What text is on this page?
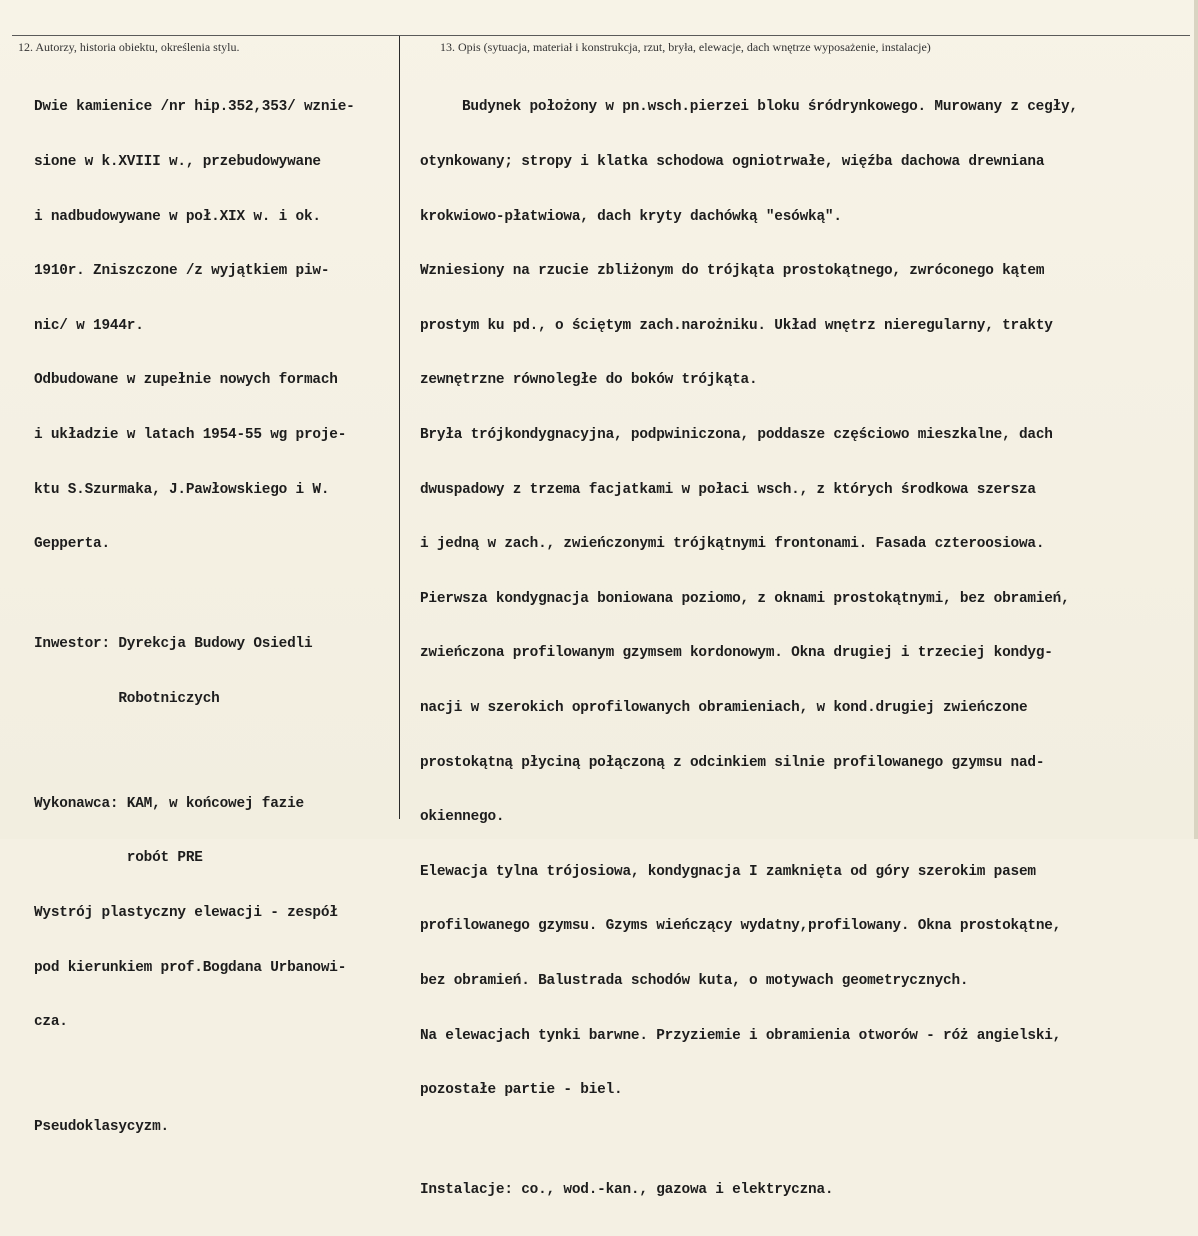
12. Autorzy, historia obiektu, określenia stylu.	13. Opis (sytuacja, materiał i konstrukcja, rzut, bryła, elewacje, dach wnętrze wyposażenie, instalacje)

Dwie kamienice /nr hip.352,353/ wznie-

sione w k.XVIII w., przebudowywane

i nadbudowywane w poł.XIX w. i ok.

1910r. Zniszczone /z wyjątkiem piw-

nic/ w 1944r.

Odbudowane w zupełnie nowych formach

i układzie w latach 1954-55 wg proje-

ktu S.Szurmaka, J.Pawłowskiego i W.

Gepperta.

Inwestor: Dyrekcja Budowy Osiedli

Robotniczych

Wykonawca: KAM, w końcowej fazie

robót PRE

Wystrój plastyczny elewacji - zespół

pod kierunkiem prof.Bogdana Urbanowi-

cza.

Pseudoklasycyzm.

Budynek położony w pn.wsch.pierzei bloku śródrynkowego. Murowany z cegły,

otynkowany; stropy i klatka schodowa ogniotrwałe, więźba dachowa drewniana

krokwiowo-płatwiowa, dach kryty dachówką "esówką".

Wzniesiony na rzucie zbliżonym do trójkąta prostokątnego, zwróconego kątem

prostym ku pd., o ściętym zach.narożniku. Układ wnętrz nieregularny, trakty

zewnętrzne równoległe do boków trójkąta.

Bryła trójkondygnacyjna, podpwiniczona, poddasze częściowo mieszkalne, dach

dwuspadowy z trzema facjatkami w połaci wsch., z których środkowa szersza

i jedną w zach., zwieńczonymi trójkątnymi frontonami. Fasada czteroosiowa.

Pierwsza kondygnacja boniowana poziomo, z oknami prostokątnymi, bez obramień,

zwieńczona profilowanym gzymsem kordonowym. Okna drugiej i trzeciej kondyg-

nacji w szerokich oprofilowanych obramieniach, w kond.drugiej zwieńczone

prostokątną płyciną połączoną z odcinkiem silnie profilowanego gzymsu nad-

okiennego.

Elewacja tylna trójosiowa, kondygnacja I zamknięta od góry szerokim pasem

profilowanego gzymsu. Gzyms wieńczący wydatny,profilowany. Okna prostokątne,

bez obramień. Balustrada schodów kuta, o motywach geometrycznych.

Na elewacjach tynki barwne. Przyziemie i obramienia otworów - róż angielski,

pozostałe partie - biel.

Instalacje: co., wod.-kan., gazowa i elektryczna.
